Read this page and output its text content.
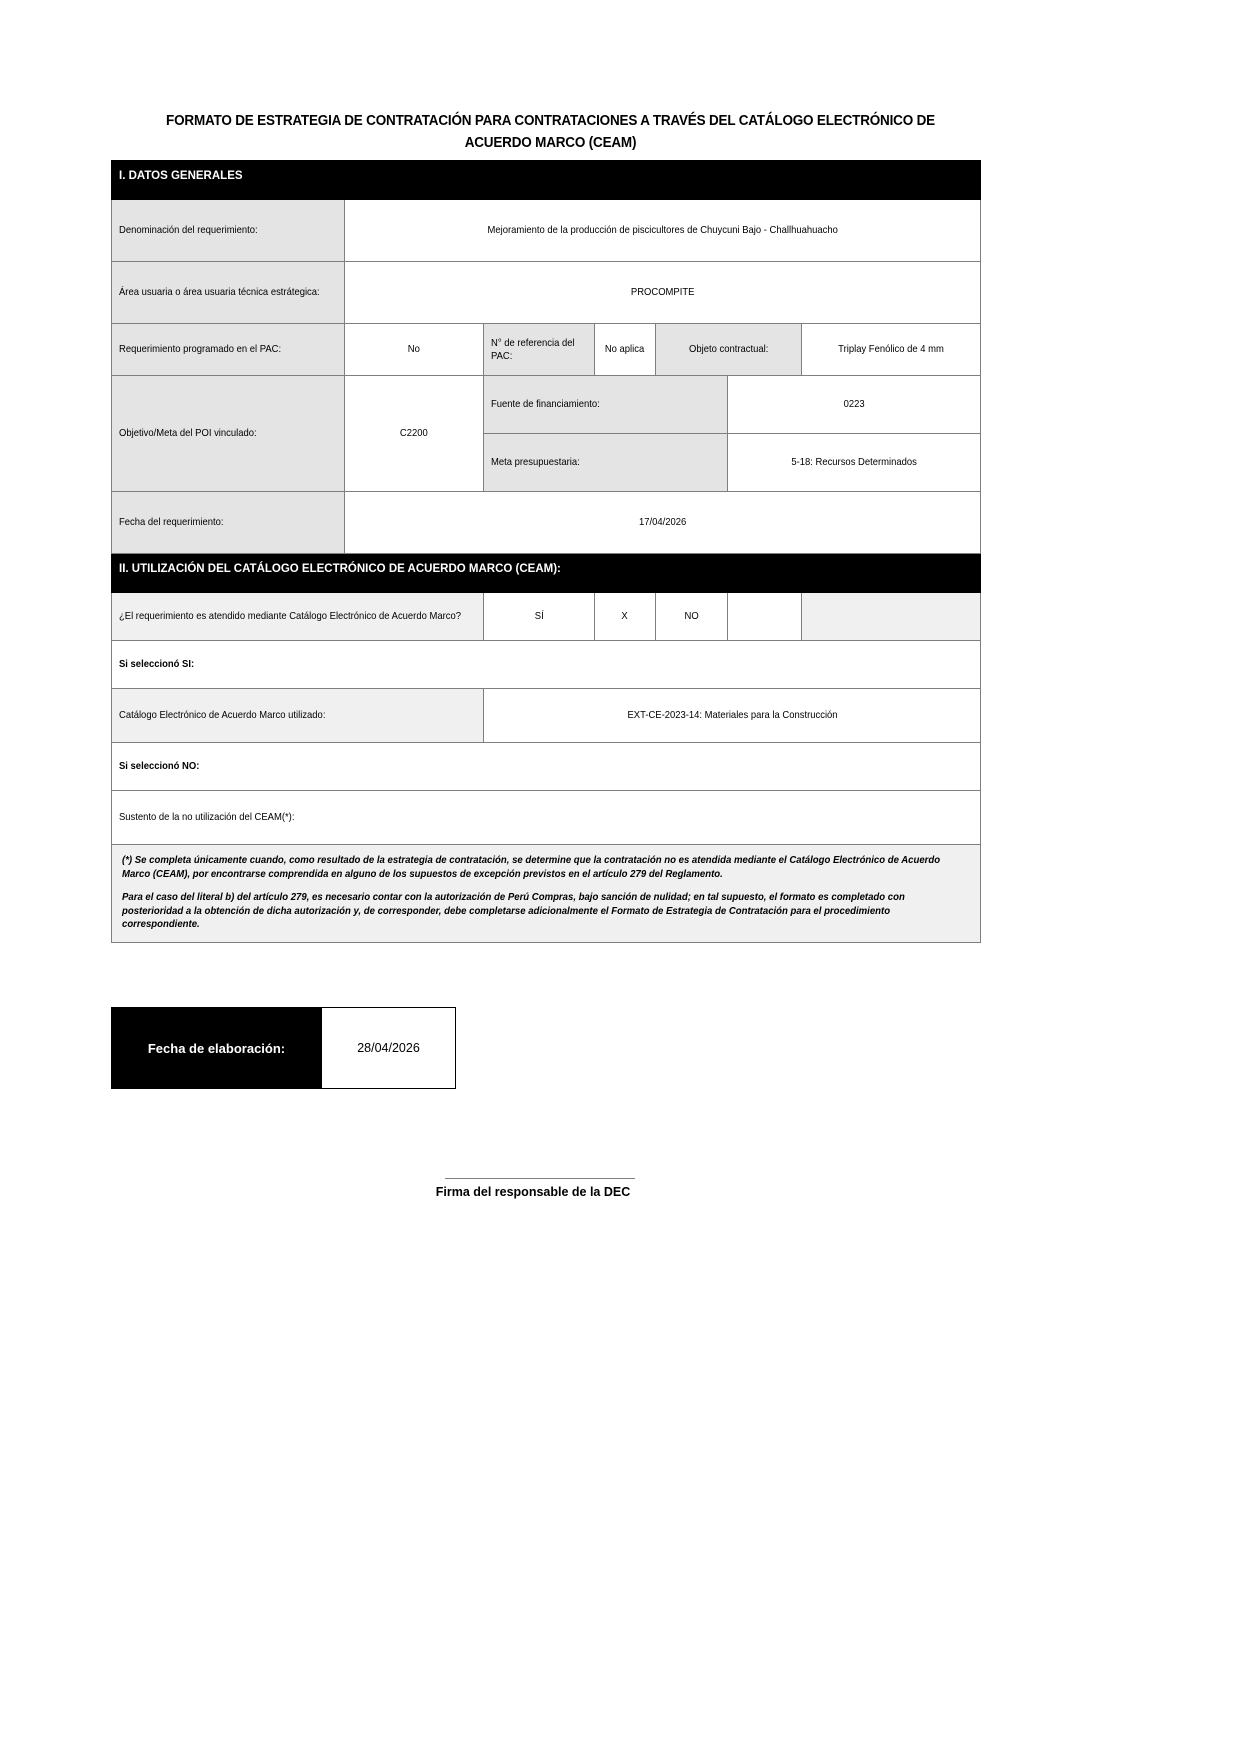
FORMATO DE ESTRATEGIA DE CONTRATACIÓN PARA CONTRATACIONES A TRAVÉS DEL CATÁLOGO ELECTRÓNICO DE ACUERDO MARCO (CEAM)
I. DATOS GENERALES						

Denominación del requerimiento:	Mejoramiento de la producción de piscicultores de Chuycuni Bajo - Challhuahuacho					

Área usuaria o área usuaria técnica estrátegica:	PROCOMPITE					

Requerimiento programado en el PAC:	No	N° de referencia del PAC:	No aplica	Objeto contractual:		Triplay Fenólico de 4 mm

Objetivo/Meta del POI vinculado:	C2200	Fuente de financiamiento:			0223	

		Meta presupuestaria:			5-18: Recursos Determinados	

Fecha del requerimiento:	17/04/2026					

II. UTILIZACIÓN DEL CATÁLOGO ELECTRÓNICO DE ACUERDO MARCO (CEAM):						

¿El requerimiento es atendido mediante Catálogo Electrónico de Acuerdo Marco?		SÍ	X	NO		

Si seleccionó SI:						

Catálogo Electrónico de Acuerdo Marco utilizado:		EXT-CE-2023-14: Materiales para la Construcción				

Si seleccionó NO:						

Sustento de la no utilización del CEAM(*):						

(*) Se completa únicamente cuando, como resultado de la estrategia de contratación, se determine que la contratación no es atendida mediante el Catálogo Electrónico de Acuerdo Marco (CEAM), por encontrarse comprendida en alguno de los supuestos de excepción previstos en el artículo 279 del Reglamento.
Para el caso del literal b) del artículo 279, es necesario contar con la autorización de Perú Compras, bajo sanción de nulidad; en tal supuesto, el formato es completado con posterioridad a la obtención de dicha autorización y, de corresponder, debe completarse adicionalmente el Formato de Estrategia de Contratación para el procedimiento correspondiente.						
Fecha de elaboración:	28/04/2026
Firma del responsable de la DEC
